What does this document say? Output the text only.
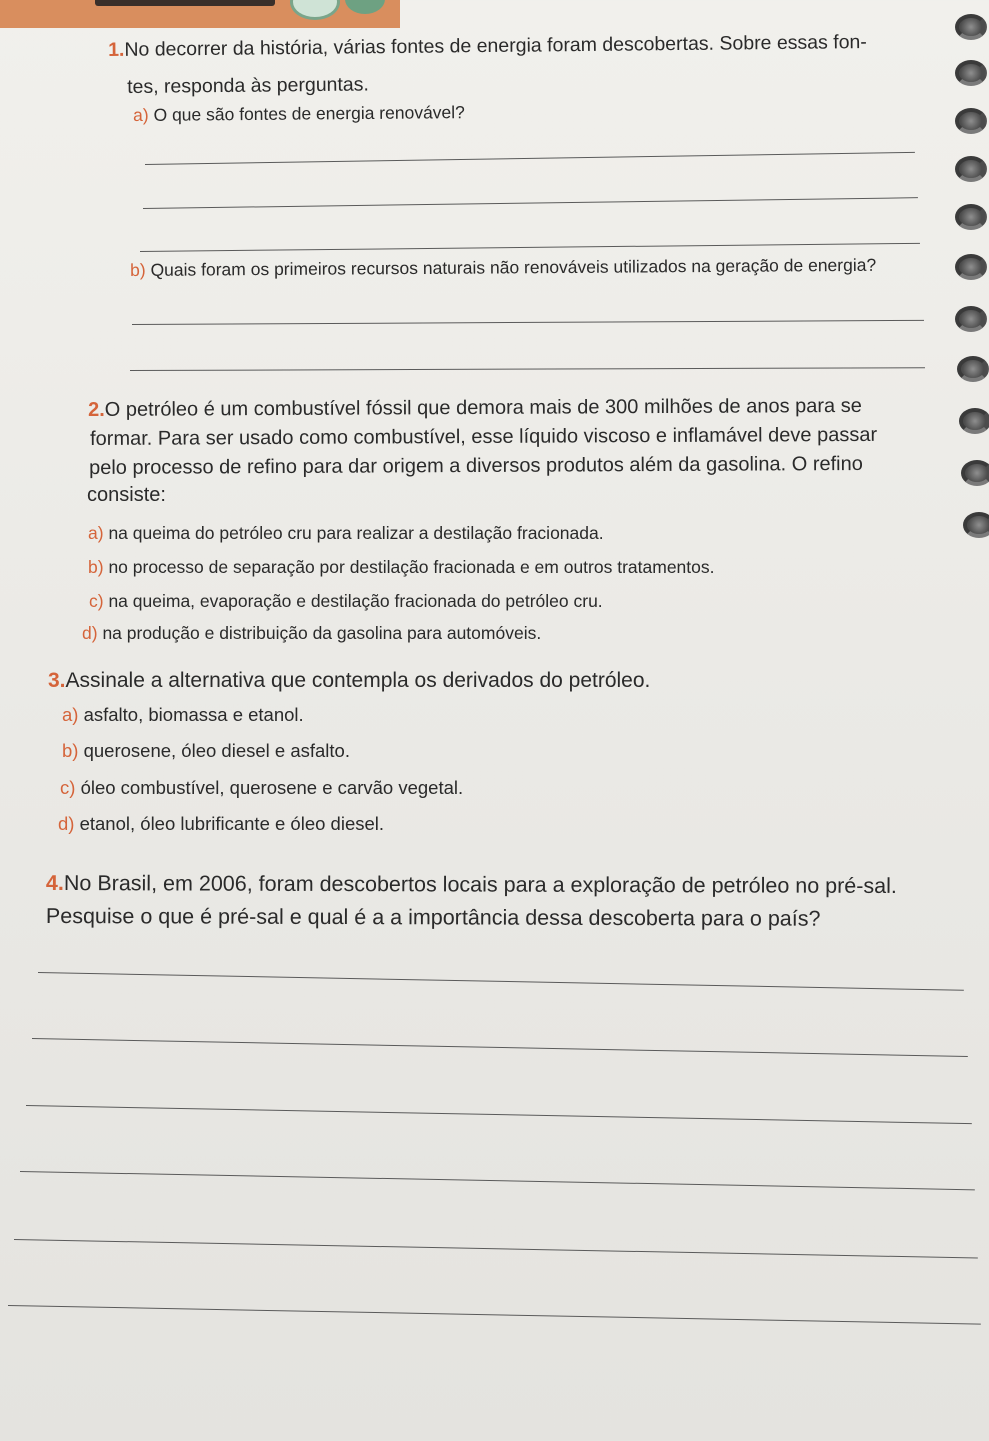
1.No decorrer da história, várias fontes de energia foram descobertas. Sobre essas fon-
tes, responda às perguntas.
a) O que são fontes de energia renovável?
b) Quais foram os primeiros recursos naturais não renováveis utilizados na geração de energia?
2.O petróleo é um combustível fóssil que demora mais de 300 milhões de anos para se
formar. Para ser usado como combustível, esse líquido viscoso e inflamável deve passar
pelo processo de refino para dar origem a diversos produtos além da gasolina. O refino
consiste:
a) na queima do petróleo cru para realizar a destilação fracionada.
b) no processo de separação por destilação fracionada e em outros tratamentos.
c) na queima, evaporação e destilação fracionada do petróleo cru.
d) na produção e distribuição da gasolina para automóveis.
3.Assinale a alternativa que contempla os derivados do petróleo.
a) asfalto, biomassa e etanol.
b) querosene, óleo diesel e asfalto.
c) óleo combustível, querosene e carvão vegetal.
d) etanol, óleo lubrificante e óleo diesel.
4.No Brasil, em 2006, foram descobertos locais para a exploração de petróleo no pré-sal.
Pesquise o que é pré-sal e qual é a a importância dessa descoberta para o país?
